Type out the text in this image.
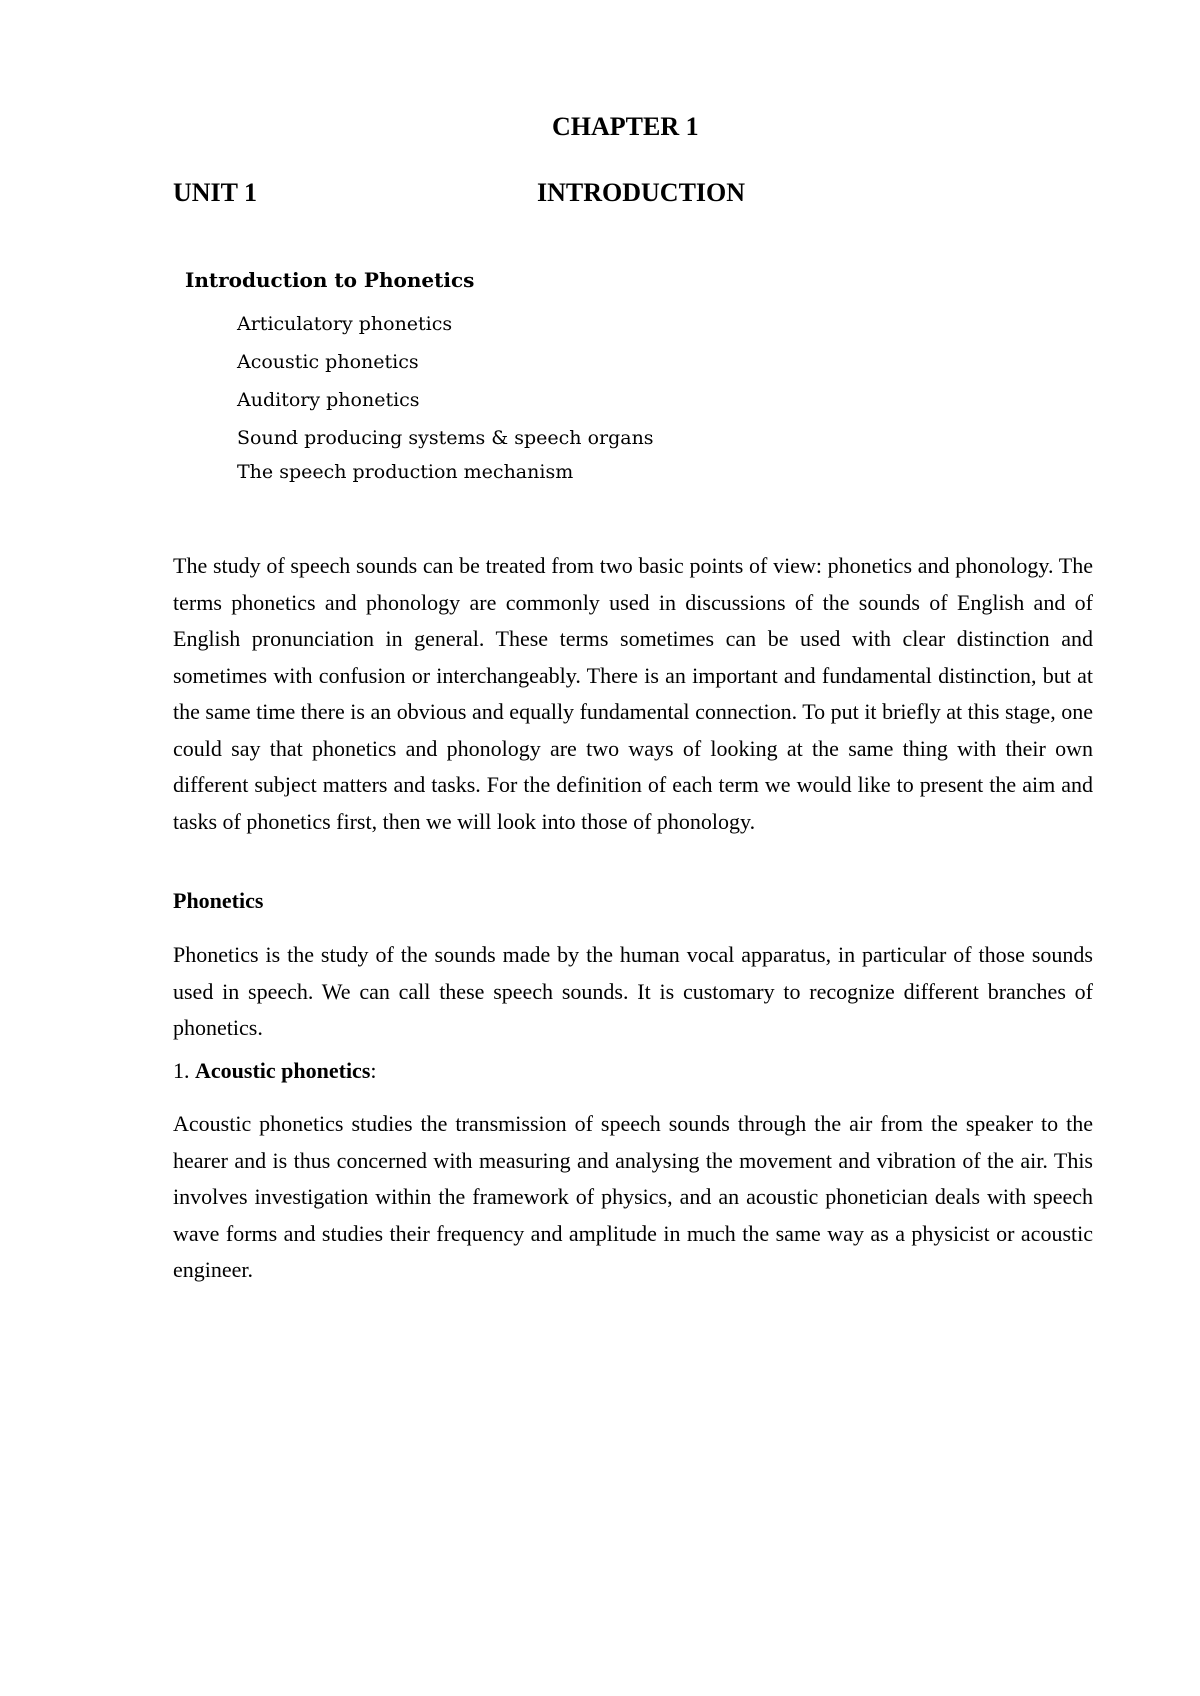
CHAPTER 1
UNIT 1	INTRODUCTION
Introduction to Phonetics
Articulatory phonetics
Acoustic phonetics
Auditory phonetics
Sound producing systems & speech organs
The speech production mechanism

The study of speech sounds can be treated from two basic points of view: phonetics and phonology. The terms phonetics and phonology are commonly used in discussions of the sounds of English and of English pronunciation in general. These terms sometimes can be used with clear distinction and sometimes with confusion or interchangeably. There is an important and fundamental distinction, but at the same time there is an obvious and equally fundamental connection. To put it briefly at this stage, one could say that phonetics and phonology are two ways of looking at the same thing with their own different subject matters and tasks. For the definition of each term we would like to present the aim and tasks of phonetics first, then we will look into those of phonology.

Phonetics

Phonetics is the study of the sounds made by the human vocal apparatus, in particular of those sounds used in speech. We can call these speech sounds. It is customary to recognize different branches of phonetics.

1. Acoustic phonetics:

Acoustic phonetics studies the transmission of speech sounds through the air from the speaker to the hearer and is thus concerned with measuring and analysing the movement and vibration of the air. This involves investigation within the framework of physics, and an acoustic phonetician deals with speech wave forms and studies their frequency and amplitude in much the same way as a physicist or acoustic engineer.
